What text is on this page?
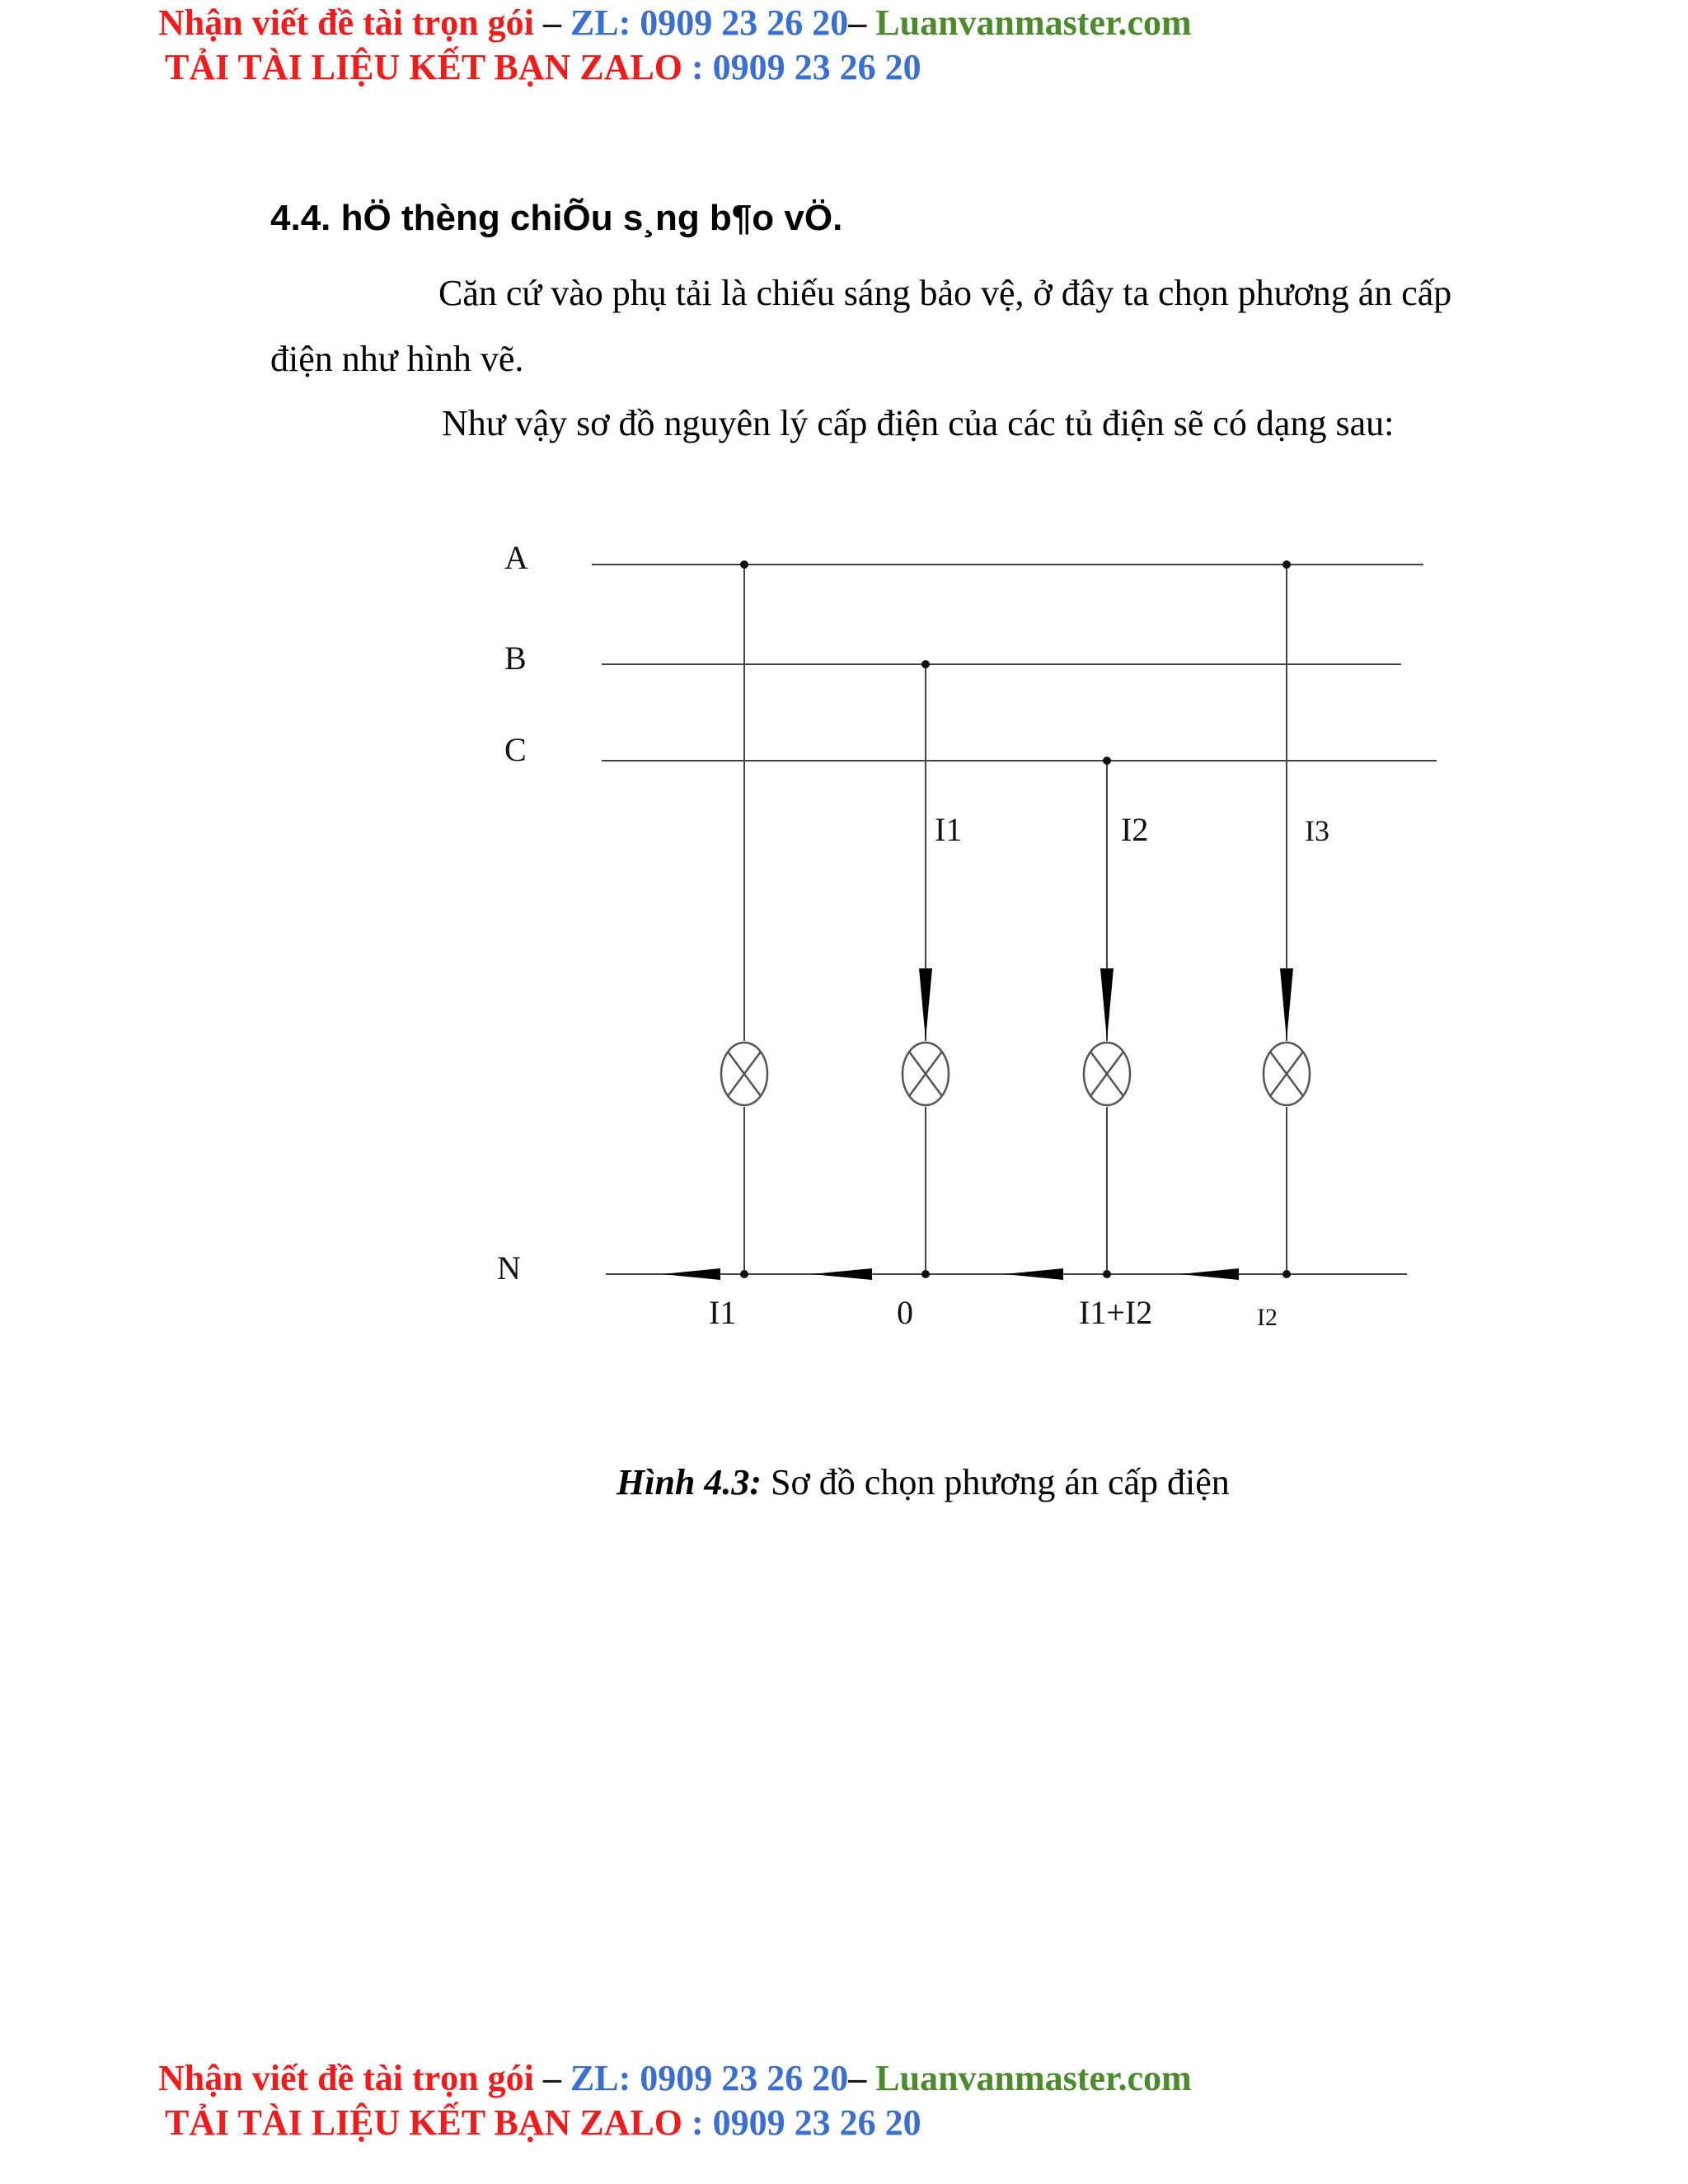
Nhận viết đề tài trọn gói – ZL: 0909 23 26 20– Luanvanmaster.com
TẢI TÀI LIỆU KẾT BẠN ZALO : 0909 23 26 20
4.4. hÖ thèng chiÕu s¸ng b¶o vÖ.
Căn cứ vào phụ tải là chiếu sáng bảo vệ, ở đây ta chọn phương án cấp
điện như hình vẽ.
Như vậy sơ đồ nguyên lý cấp điện của các tủ điện sẽ có dạng sau:
A
B
C
N
I1	I2	I3
I1	0	I1+I2	I2
Hình 4.3: Sơ đồ chọn phương án cấp điện
Nhận viết đề tài trọn gói – ZL: 0909 23 26 20– Luanvanmaster.com
TẢI TÀI LIỆU KẾT BẠN ZALO : 0909 23 26 20
